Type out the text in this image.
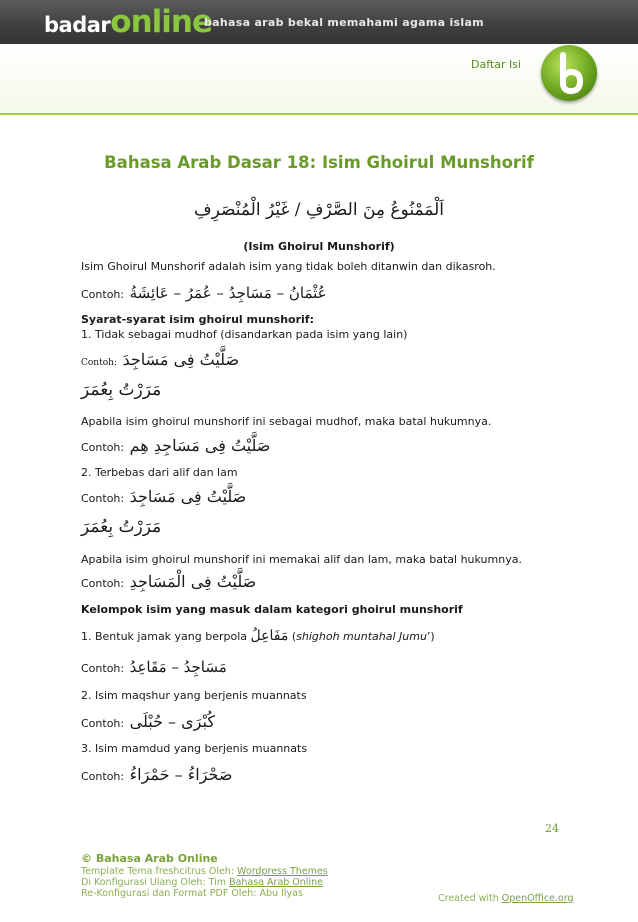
badaronline
bahasa arab bekal memahami agama islam
Daftar Isi
Bahasa Arab Dasar 18: Isim Ghoirul Munshorif
اَلْمَمْنُوعُ مِنَ الصَّرْفِ / غَيْرُ الْمُنْصَرِفِ
(Isim Ghoirul Munshorif)
Isim Ghoirul Munshorif adalah isim yang tidak boleh ditanwin dan dikasroh.
Contoh: عُثْمَانُ – مَسَاجِدُ – عُمَرُ – عَائِشَةُ
Syarat-syarat isim ghoirul munshorif:
1. Tidak sebagai mudhof (disandarkan pada isim yang lain)
Contoh: صَلَّيْتُ فِى مَسَاجِدَ
مَرَرْتُ بِعُمَرَ
Apabila isim ghoirul munshorif ini sebagai mudhof, maka batal hukumnya.
Contoh: صَلَّيْتُ فِى مَسَاجِدِ هِم
2. Terbebas dari alif dan lam
Contoh: صَلَّيْتُ فِى مَسَاجِدَ
مَرَرْتُ بِعُمَرَ
Apabila isim ghoirul munshorif ini memakai alif dan lam, maka batal hukumnya.
Contoh: صَلَّيْتُ فِى الْمَسَاجِدِ
Kelompok isim yang masuk dalam kategori ghoirul munshorif
1. Bentuk jamak yang berpola مَفَاعِلُ (shighoh muntahal Jumu’)
Contoh: مَسَاجِدُ – مَقَاعِدُ
2. Isim maqshur yang berjenis muannats
Contoh: كُبْرَى – حُبْلَى
3. Isim mamdud yang berjenis muannats
Contoh: صَحْرَاءُ – حَمْرَاءُ
24
© Bahasa Arab Online
Template Tema freshcitrus Oleh: Wordpress Themes
Di Konfigurasi Ulang Oleh: Tim Bahasa Arab Online
Re-Konfigurasi dan Format PDF Oleh: Abu Ilyas	Created with OpenOffice.org
